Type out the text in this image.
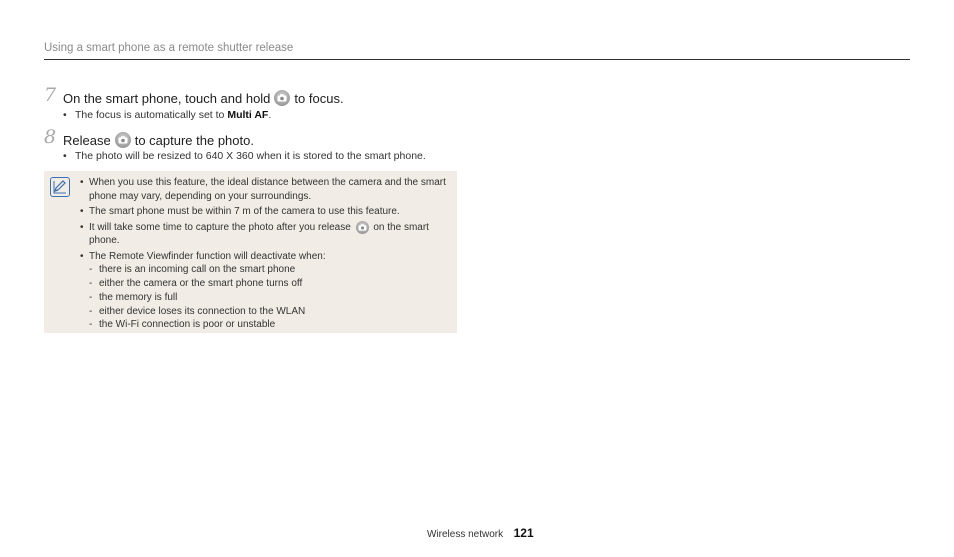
Using a smart phone as a remote shutter release
7 On the smart phone, touch and hold to focus.
• The focus is automatically set to Multi AF.
8 Release to capture the photo.
• The photo will be resized to 640 X 360 when it is stored to the smart phone.
• When you use this feature, the ideal distance between the camera and the smart phone may vary, depending on your surroundings.
• The smart phone must be within 7 m of the camera to use this feature.
• It will take some time to capture the photo after you release on the smart phone.
• The Remote Viewfinder function will deactivate when:
- there is an incoming call on the smart phone
- either the camera or the smart phone turns off
- the memory is full
- either device loses its connection to the WLAN
- the Wi-Fi connection is poor or unstable
Wireless network 121
